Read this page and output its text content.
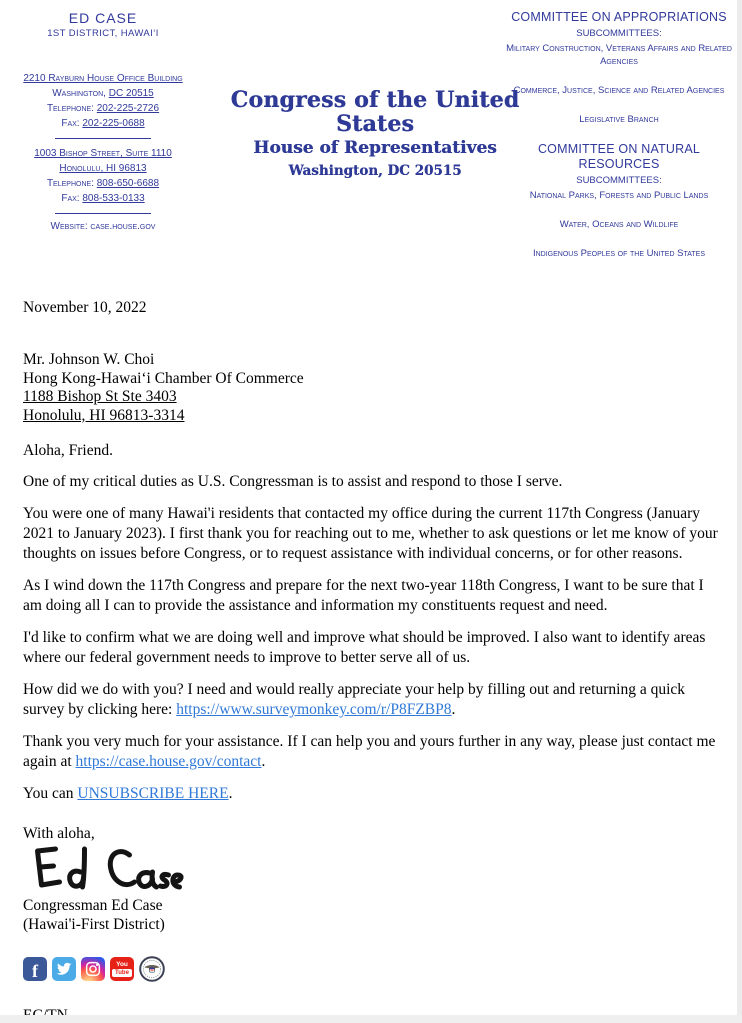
ED CASE
1ST DISTRICT, HAWAIʻI
2210 Rayburn House Office Building
Washington, DC 20515
Telephone: 202-225-2726
Fax: 202-225-0688
1003 Bishop Street, Suite 1110
Honolulu, HI 96813
Telephone: 808-650-6688
Fax: 808-533-0133
Website: case.house.gov
Congress of the United States
House of Representatives
Washington, DC 20515
COMMITTEE ON APPROPRIATIONS
SUBCOMMITTEES:
Military Construction, Veterans Affairs and Related Agencies
Commerce, Justice, Science and Related Agencies
Legislative Branch
COMMITTEE ON NATURAL RESOURCES
SUBCOMMITTEES:
National Parks, Forests and Public Lands
Water, Oceans and Wildlife
Indigenous Peoples of the United States
November 10, 2022
Mr. Johnson W. Choi
Hong Kong-Hawaiʻi Chamber Of Commerce
1188 Bishop St Ste 3403
Honolulu, HI 96813-3314
Aloha, Friend.
One of my critical duties as U.S. Congressman is to assist and respond to those I serve.
You were one of many Hawai'i residents that contacted my office during the current 117th Congress (January 2021 to January 2023). I first thank you for reaching out to me, whether to ask questions or let me know of your thoughts on issues before Congress, or to request assistance with individual concerns, or for other reasons.
As I wind down the 117th Congress and prepare for the next two-year 118th Congress, I want to be sure that I am doing all I can to provide the assistance and information my constituents request and need.
I'd like to confirm what we are doing well and improve what should be improved. I also want to identify areas where our federal government needs to improve to better serve all of us.
How did we do with you? I need and would really appreciate your help by filling out and returning a quick survey by clicking here: https://www.surveymonkey.com/r/P8FZBP8.
Thank you very much for your assistance. If I can help you and yours further in any way, please just contact me again at https://case.house.gov/contact.
You can UNSUBSCRIBE HERE.
With aloha,
Congressman Ed Case
(Hawai'i-First District)
f	You
Tube
